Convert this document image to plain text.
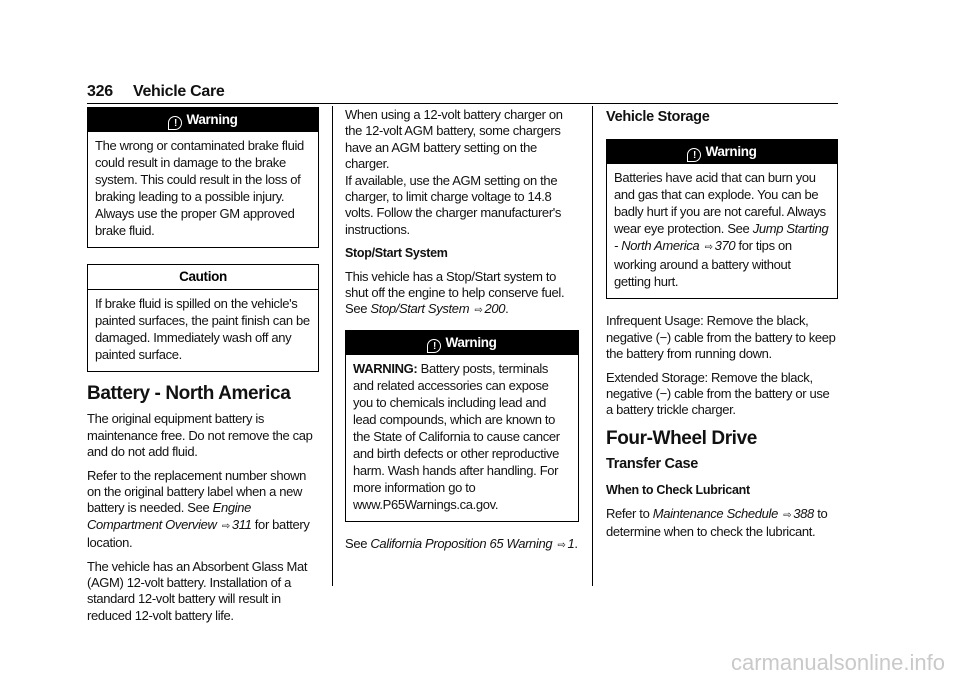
326 Vehicle Care
! Warning
The wrong or contaminated brake fluid could result in damage to the brake system. This could result in the loss of braking leading to a possible injury. Always use the proper GM approved brake fluid.
Caution
If brake fluid is spilled on the vehicle's painted surfaces, the paint finish can be damaged. Immediately wash off any painted surface.
Battery - North America

The original equipment battery is maintenance free. Do not remove the cap and do not add fluid.

Refer to the replacement number shown on the original battery label when a new battery is needed. See Engine Compartment Overview ⇨ 311 for battery location.

The vehicle has an Absorbent Glass Mat (AGM) 12-volt battery. Installation of a standard 12-volt battery will result in reduced 12-volt battery life.

When using a 12-volt battery charger on the 12-volt AGM battery, some chargers have an AGM battery setting on the charger.

If available, use the AGM setting on the charger, to limit charge voltage to 14.8 volts. Follow the charger manufacturer's instructions.

Stop/Start System

This vehicle has a Stop/Start system to shut off the engine to help conserve fuel. See Stop/Start System ⇨ 200.

! Warning
WARNING: Battery posts, terminals and related accessories can expose you to chemicals including lead and lead compounds, which are known to the State of California to cause cancer and birth defects or other reproductive harm. Wash hands after handling. For more information go to www.P65Warnings.ca.gov.

See California Proposition 65 Warning ⇨ 1.

Vehicle Storage
! Warning
Batteries have acid that can burn you and gas that can explode. You can be badly hurt if you are not careful. Always wear eye protection. See Jump Starting - North America ⇨ 370 for tips on working around a battery without getting hurt.

Infrequent Usage: Remove the black, negative (−) cable from the battery to keep the battery from running down.

Extended Storage: Remove the black, negative (−) cable from the battery or use a battery trickle charger.

Four-Wheel Drive
Transfer Case
When to Check Lubricant

Refer to Maintenance Schedule ⇨ 388 to determine when to check the lubricant.

carmanualsonline.info
